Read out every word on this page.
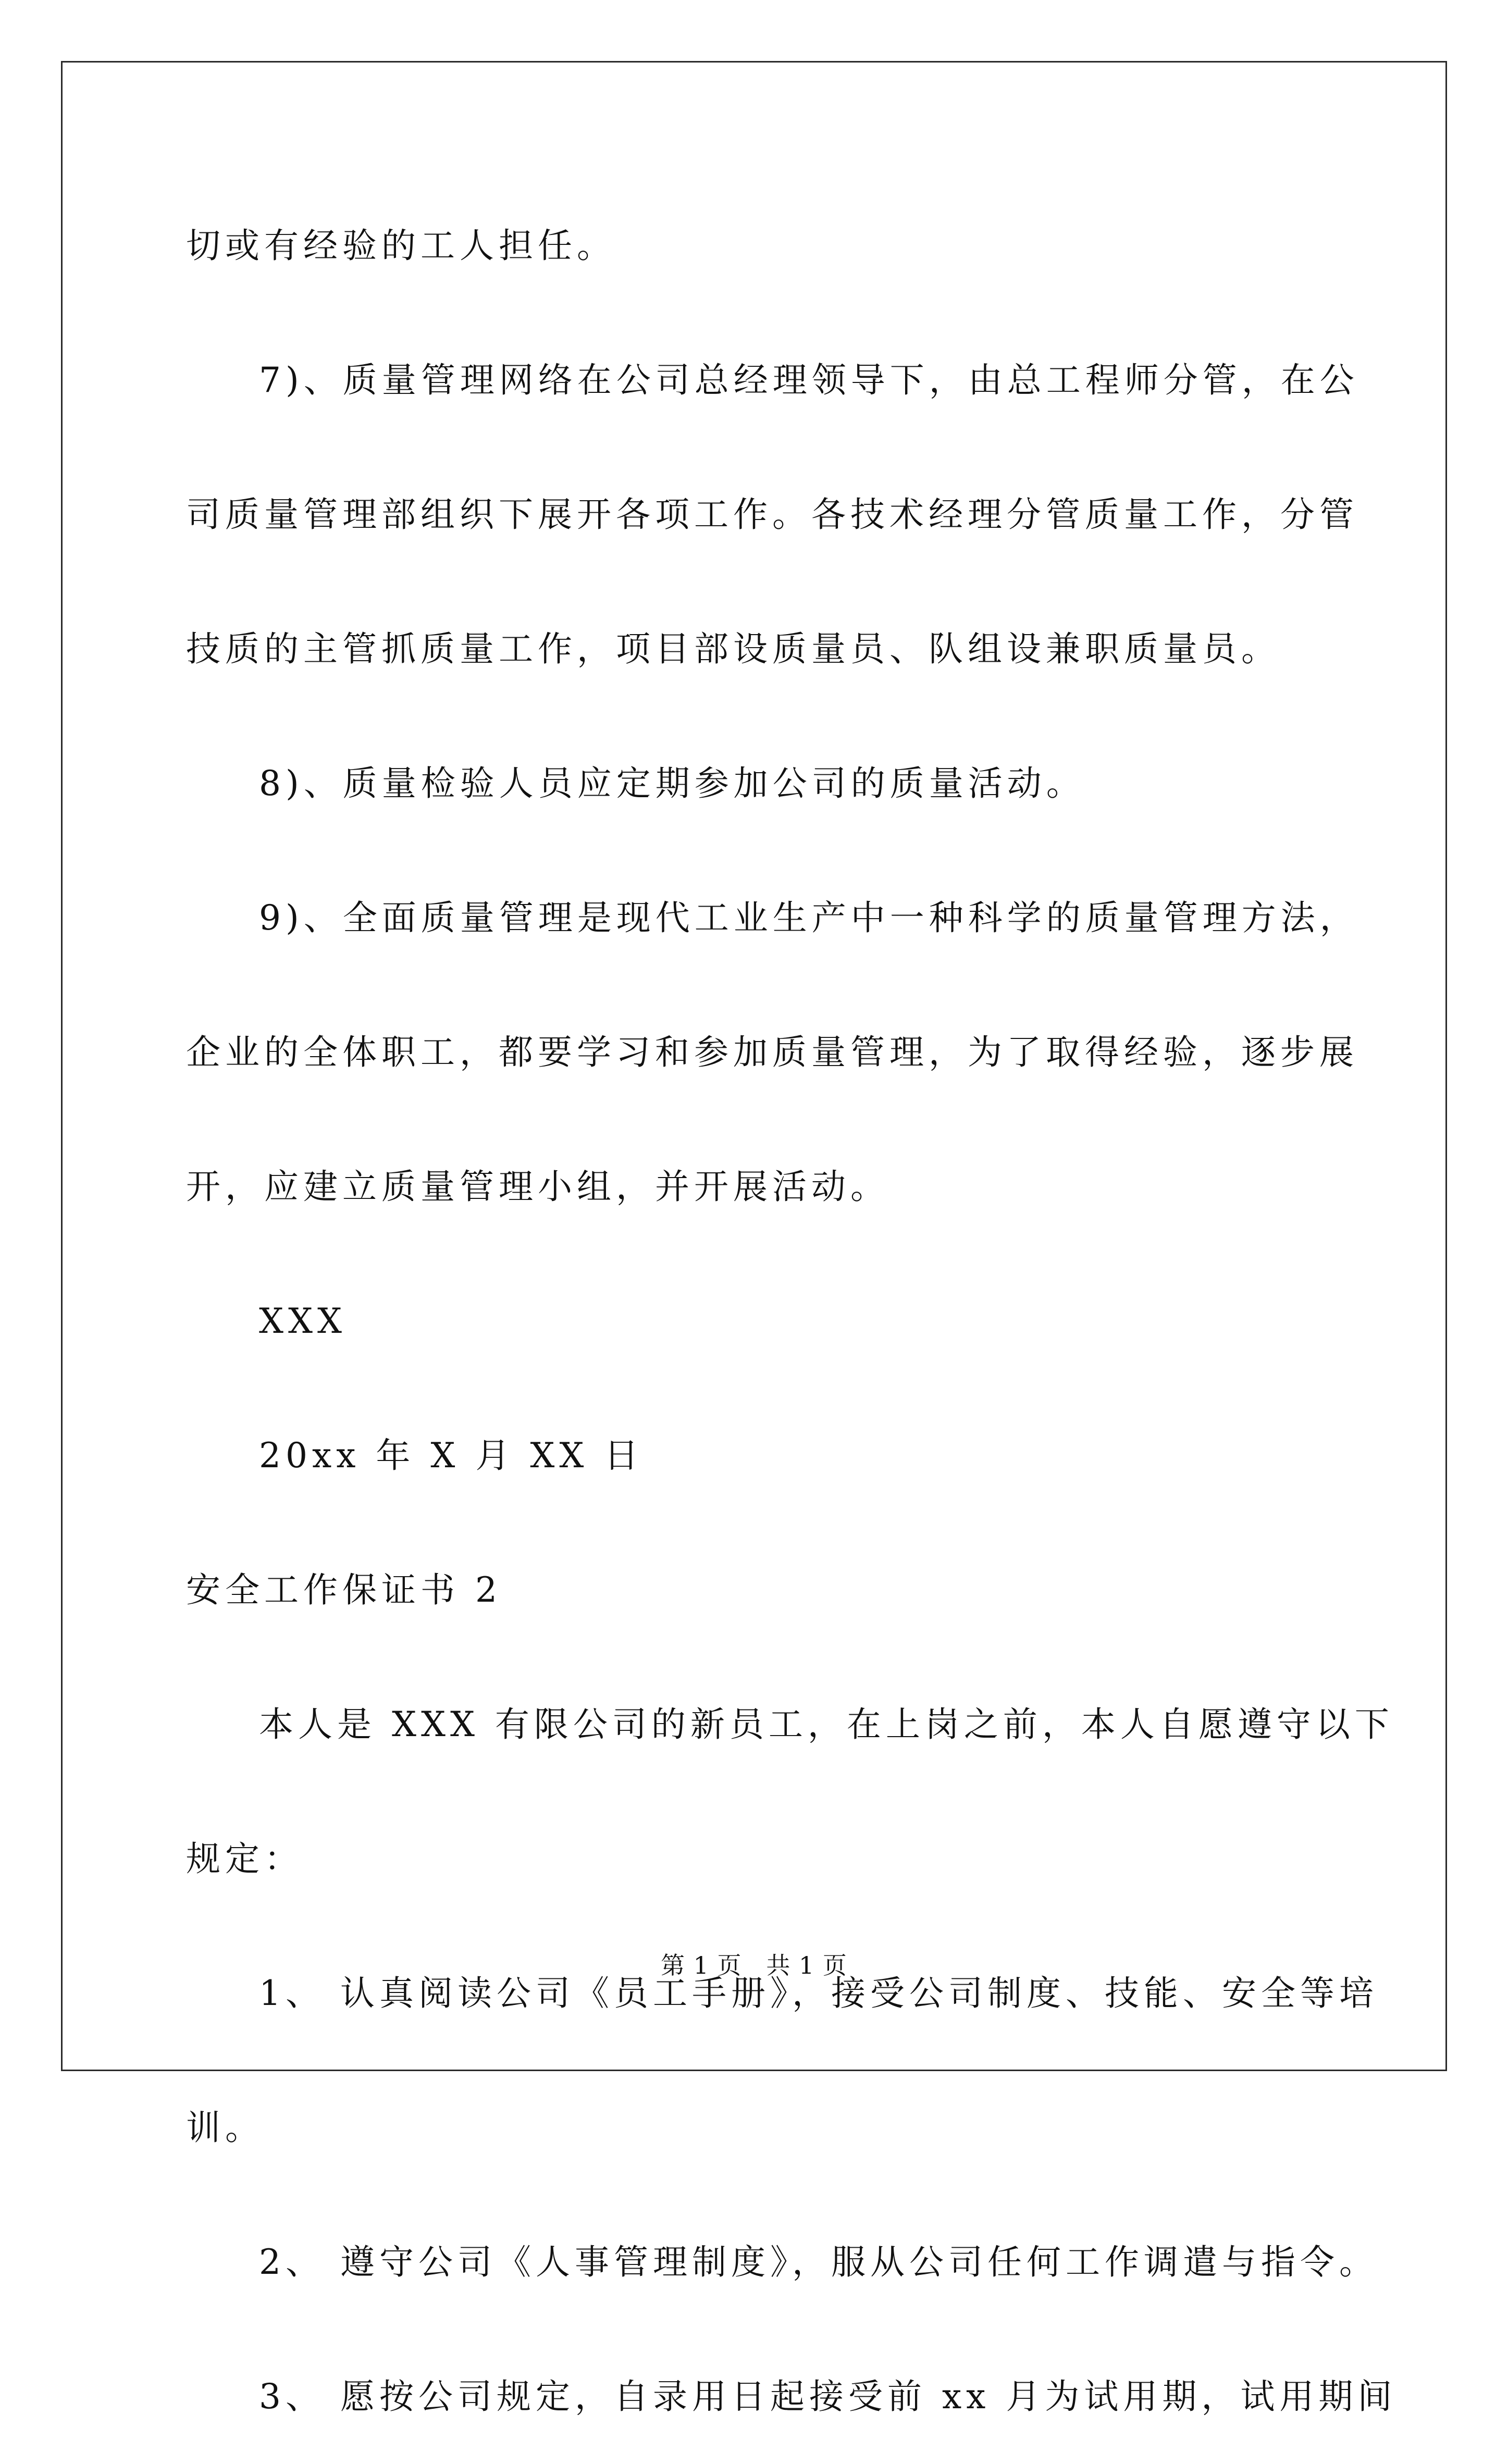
切或有经验的工人担任。

7)、质量管理网络在公司总经理领导下，由总工程师分管，在公

司质量管理部组织下展开各项工作。各技术经理分管质量工作，分管

技质的主管抓质量工作，项目部设质量员、队组设兼职质量员。

8)、质量检验人员应定期参加公司的质量活动。

9)、全面质量管理是现代工业生产中一种科学的质量管理方法，

企业的全体职工，都要学习和参加质量管理，为了取得经验，逐步展

开，应建立质量管理小组，并开展活动。

XXX

20xx 年 X 月 XX 日

安全工作保证书 2

本人是 XXX 有限公司的新员工，在上岗之前，本人自愿遵守以下

规定：

1、 认真阅读公司《员工手册》，接受公司制度、技能、安全等培

训。

2、 遵守公司《人事管理制度》，服从公司任何工作调遣与指令。

3、 愿按公司规定，自录用日起接受前 xx 月为试用期，试用期间

第 1 页   共 1 页
